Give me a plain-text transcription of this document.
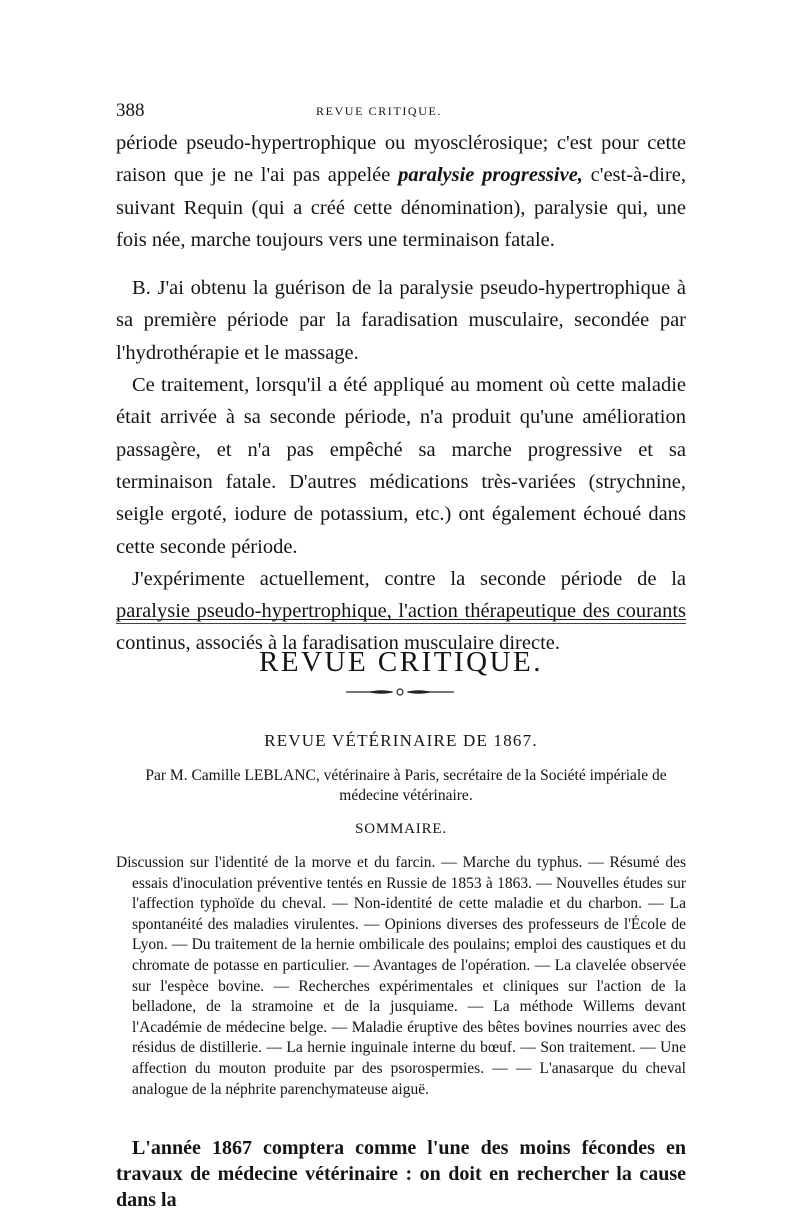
388	REVUE CRITIQUE.

période pseudo-hypertrophique ou myosclérosique; c'est pour cette raison que je ne l'ai pas appelée paralysie progressive, c'est-à-dire, suivant Requin (qui a créé cette dénomination), paralysie qui, une fois née, marche toujours vers une terminaison fatale.

B. J'ai obtenu la guérison de la paralysie pseudo-hypertrophique à sa première période par la faradisation musculaire, secondée par l'hydrothérapie et le massage.

Ce traitement, lorsqu'il a été appliqué au moment où cette maladie était arrivée à sa seconde période, n'a produit qu'une amélioration passagère, et n'a pas empêché sa marche progressive et sa terminaison fatale. D'autres médications très-variées (strychnine, seigle ergoté, iodure de potassium, etc.) ont également échoué dans cette seconde période.

J'expérimente actuellement, contre la seconde période de la paralysie pseudo-hypertrophique, l'action thérapeutique des courants continus, associés à la faradisation musculaire directe.

REVUE CRITIQUE.
REVUE VÉTÉRINAIRE DE 1867.
Par M. Camille LEBLANC, vétérinaire à Paris, secrétaire de la Société impériale de médecine vétérinaire.
SOMMAIRE.

Discussion sur l'identité de la morve et du farcin. — Marche du typhus. — Résumé des essais d'inoculation préventive tentés en Russie de 1853 à 1863. — Nouvelles études sur l'affection typhoïde du cheval. — Non-identité de cette maladie et du charbon. — La spontanéité des maladies virulentes. — Opinions diverses des professeurs de l'École de Lyon. — Du traitement de la hernie ombilicale des poulains; emploi des caustiques et du chromate de potasse en particulier. — Avantages de l'opération. — La clavelée observée sur l'espèce bovine. — Recherches expérimentales et cliniques sur l'action de la belladone, de la stramoine et de la jusquiame. — La méthode Willems devant l'Académie de médecine belge. — Maladie éruptive des bêtes bovines nourries avec des résidus de distillerie. — La hernie inguinale interne du bœuf. — Son traitement. — Une affection du mouton produite par des psorospermies. — — L'anasarque du cheval analogue de la néphrite parenchymateuse aiguë.

L'année 1867 comptera comme l'une des moins fécondes en travaux de médecine vétérinaire : on doit en rechercher la cause dans la
